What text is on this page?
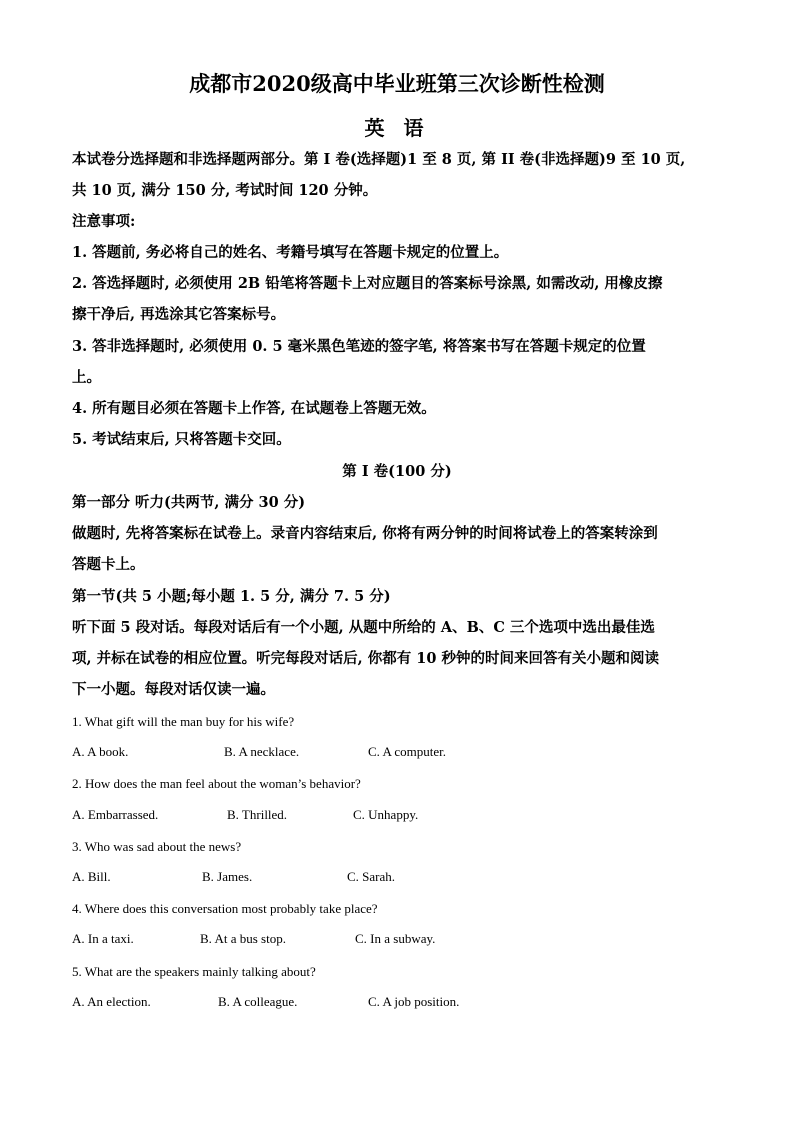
成都市2020级高中毕业班第三次诊断性检测
英 语
本试卷分选择题和非选择题两部分。第 I 卷(选择题)1 至 8 页, 第 II 卷(非选择题)9 至 10 页,
共 10 页, 满分 150 分, 考试时间 120 分钟。
注意事项:
1. 答题前, 务必将自己的姓名、考籍号填写在答题卡规定的位置上。
2. 答选择题时, 必须使用 2B 铅笔将答题卡上对应题目的答案标号涂黑, 如需改动, 用橡皮擦
擦干净后, 再选涂其它答案标号。
3. 答非选择题时, 必须使用 0. 5 毫米黑色笔迹的签字笔, 将答案书写在答题卡规定的位置
上。
4. 所有题目必须在答题卡上作答, 在试题卷上答题无效。
5. 考试结束后, 只将答题卡交回。
第 I 卷(100 分)
第一部分 听力(共两节, 满分 30 分)
做题时, 先将答案标在试卷上。录音内容结束后, 你将有两分钟的时间将试卷上的答案转涂到
答题卡上。
第一节(共 5 小题;每小题 1. 5 分, 满分 7. 5 分)
听下面 5 段对话。每段对话后有一个小题, 从题中所给的 A、B、C 三个选项中选出最佳选
项, 并标在试卷的相应位置。听完每段对话后, 你都有 10 秒钟的时间来回答有关小题和阅读
下一小题。每段对话仅读一遍。
1. What gift will the man buy for his wife?
A. A book.	B. A necklace.	C. A computer.
2. How does the man feel about the woman’s behavior?
A. Embarrassed.	B. Thrilled.	C. Unhappy.
3. Who was sad about the news?
A. Bill.	B. James.	C. Sarah.
4. Where does this conversation most probably take place?
A. In a taxi.	B. At a bus stop.	C. In a subway.
5. What are the speakers mainly talking about?
A. An election.	B. A colleague.	C. A job position.
